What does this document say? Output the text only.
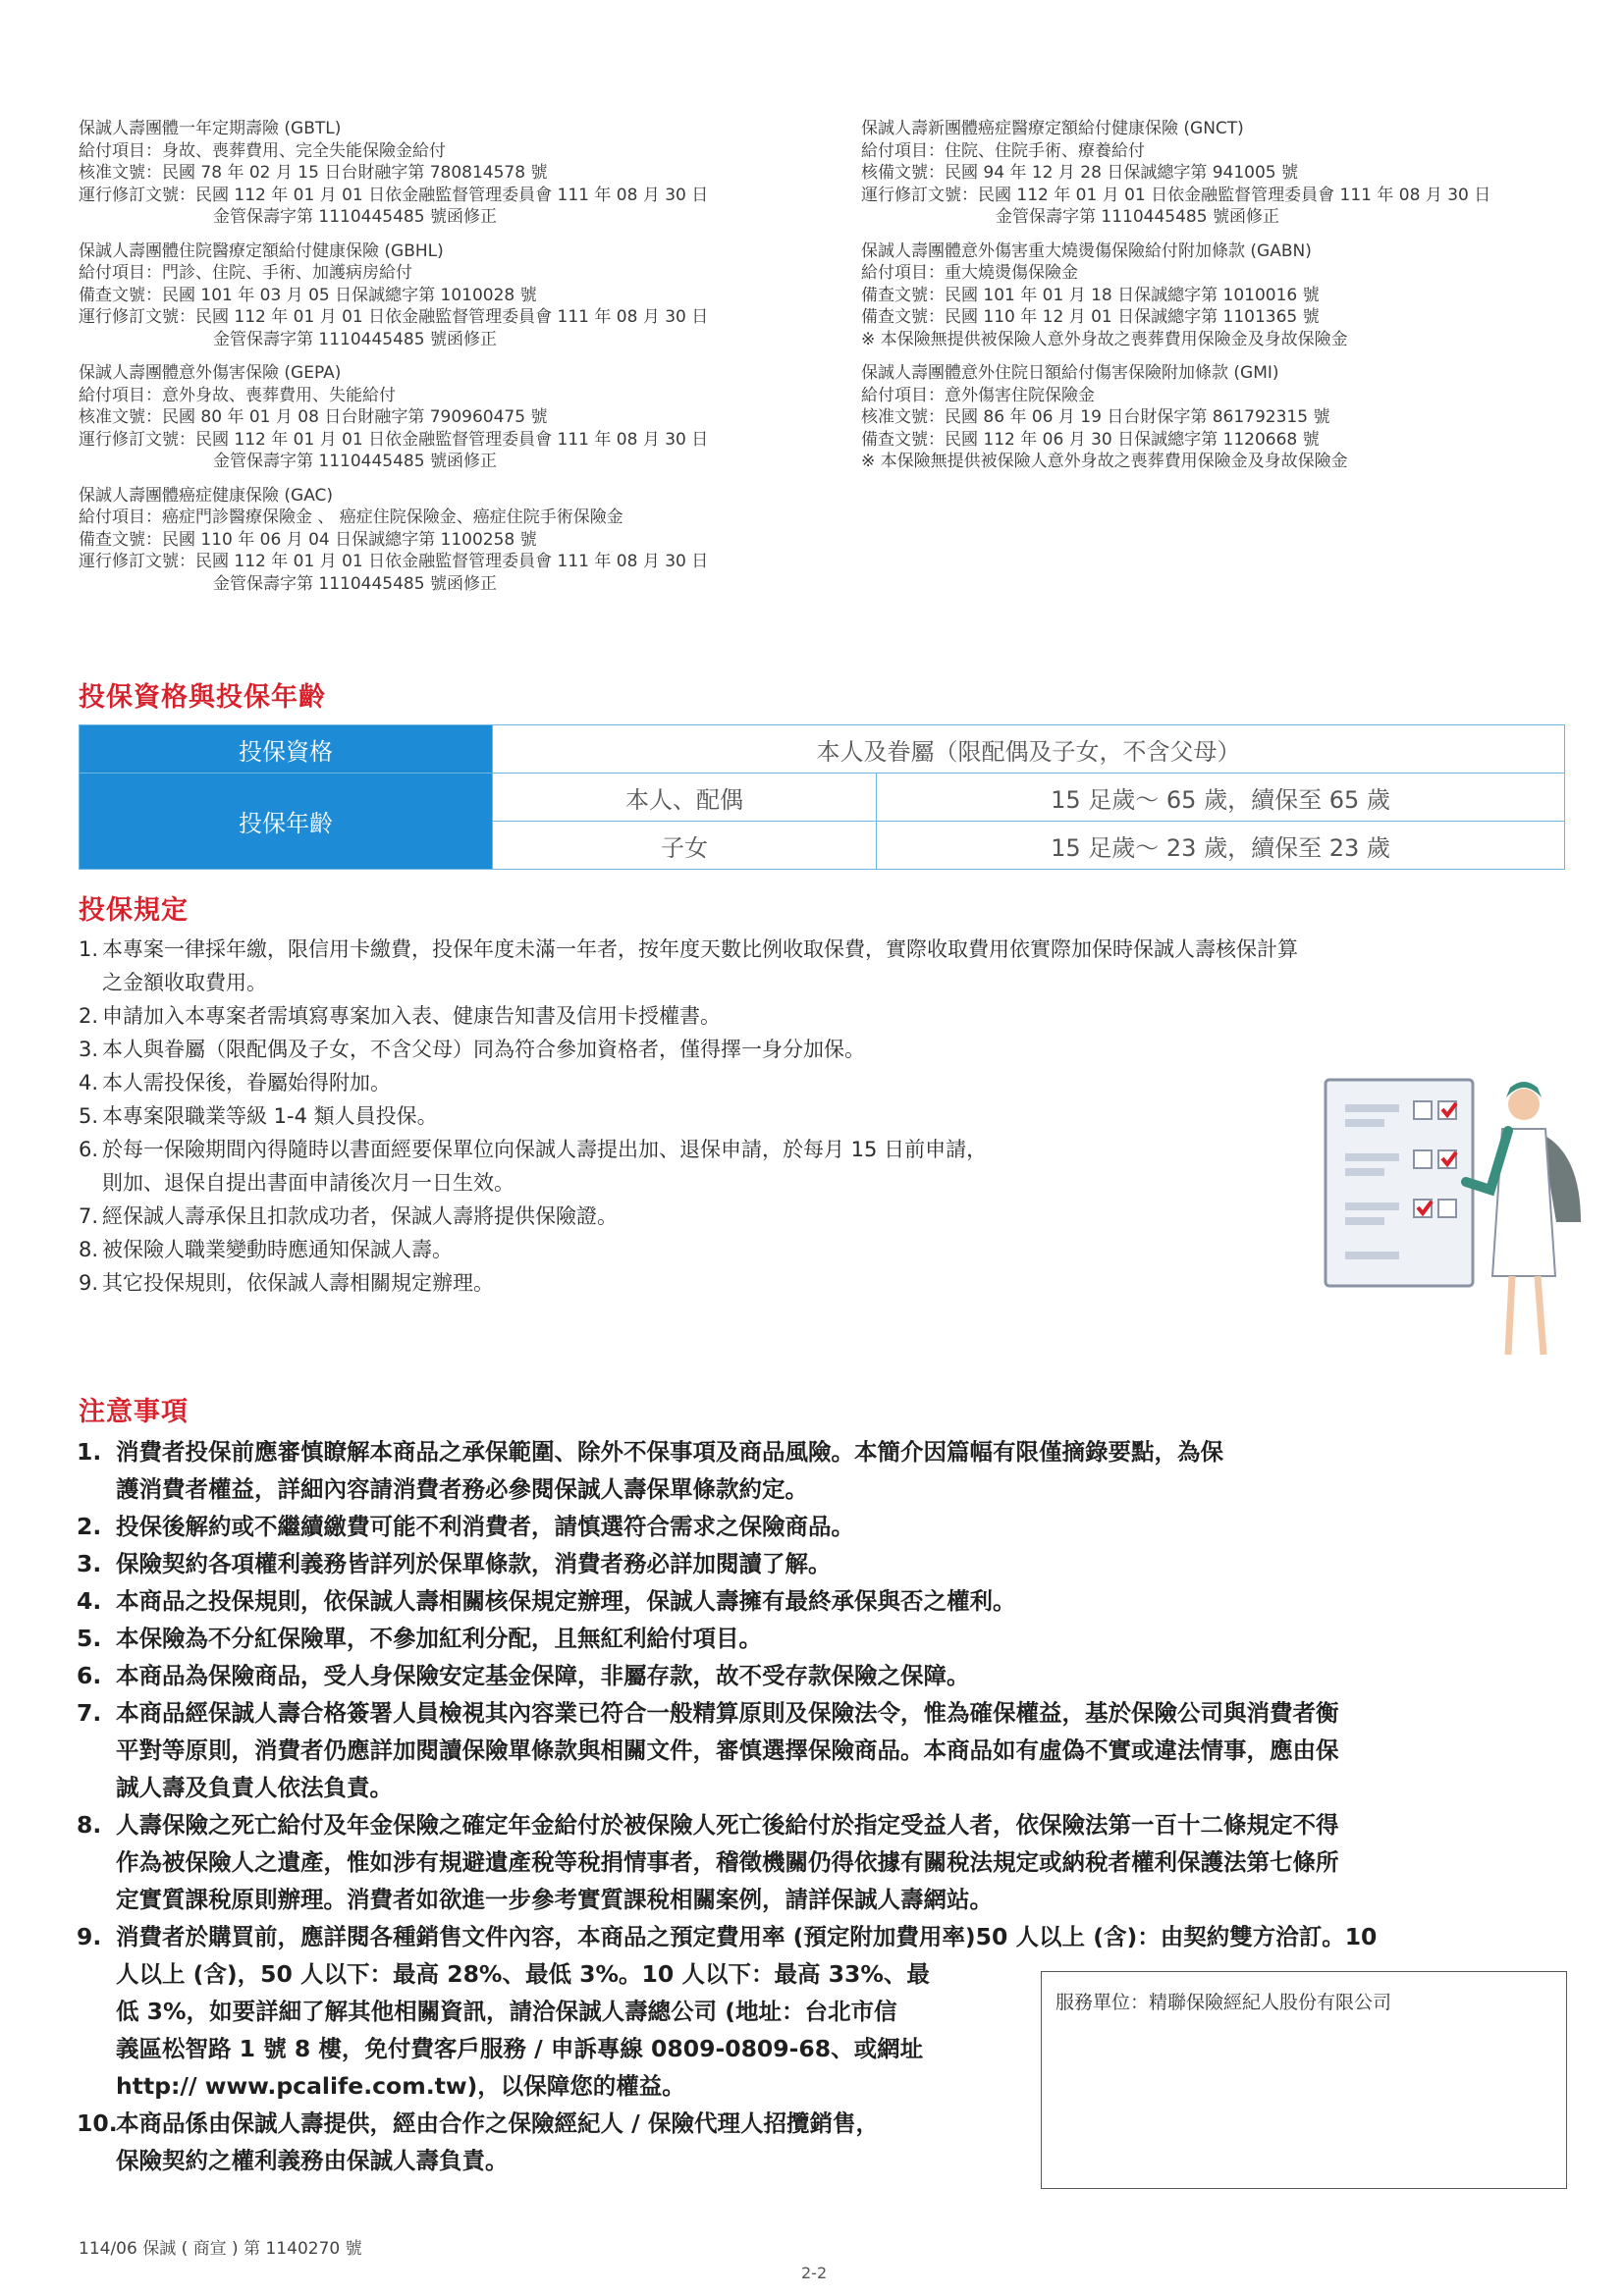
保誠人壽團體一年定期壽險 (GBTL)
給付項目：身故、喪葬費用、完全失能保險金給付
核准文號：民國 78 年 02 月 15 日台財融字第 780814578 號
運行修訂文號：民國 112 年 01 月 01 日依金融監督管理委員會 111 年 08 月 30 日
金管保壽字第 1110445485 號函修正
保誠人壽團體住院醫療定額給付健康保險 (GBHL)
給付項目：門診、住院、手術、加護病房給付
備查文號：民國 101 年 03 月 05 日保誠總字第 1010028 號
運行修訂文號：民國 112 年 01 月 01 日依金融監督管理委員會 111 年 08 月 30 日
金管保壽字第 1110445485 號函修正
保誠人壽團體意外傷害保險 (GEPA)
給付項目：意外身故、喪葬費用、失能給付
核准文號：民國 80 年 01 月 08 日台財融字第 790960475 號
運行修訂文號：民國 112 年 01 月 01 日依金融監督管理委員會 111 年 08 月 30 日
金管保壽字第 1110445485 號函修正
保誠人壽團體癌症健康保險 (GAC)
給付項目：癌症門診醫療保險金 、 癌症住院保險金、癌症住院手術保險金
備查文號：民國 110 年 06 月 04 日保誠總字第 1100258 號
運行修訂文號：民國 112 年 01 月 01 日依金融監督管理委員會 111 年 08 月 30 日
金管保壽字第 1110445485 號函修正
保誠人壽新團體癌症醫療定額給付健康保險 (GNCT)
給付項目：住院、住院手術、療養給付
核備文號：民國 94 年 12 月 28 日保誠總字第 941005 號
運行修訂文號：民國 112 年 01 月 01 日依金融監督管理委員會 111 年 08 月 30 日
金管保壽字第 1110445485 號函修正
保誠人壽團體意外傷害重大燒燙傷保險給付附加條款 (GABN)
給付項目：重大燒燙傷保險金
備查文號：民國 101 年 01 月 18 日保誠總字第 1010016 號
備查文號：民國 110 年 12 月 01 日保誠總字第 1101365 號
※ 本保險無提供被保險人意外身故之喪葬費用保險金及身故保險金
保誠人壽團體意外住院日額給付傷害保險附加條款 (GMI)
給付項目：意外傷害住院保險金
核准文號：民國 86 年 06 月 19 日台財保字第 861792315 號
備查文號：民國 112 年 06 月 30 日保誠總字第 1120668 號
※ 本保險無提供被保險人意外身故之喪葬費用保險金及身故保險金
投保資格與投保年齡
投保資格	本人及眷屬（限配偶及子女，不含父母）	
投保年齡	本人、配偶	15 足歲～ 65 歲，續保至 65 歲
	子女	15 足歲～ 23 歲，續保至 23 歲
投保規定
1. 本專案一律採年繳，限信用卡繳費，投保年度未滿一年者，按年度天數比例收取保費，實際收取費用依實際加保時保誠人壽核保計算
之金額收取費用。
2. 申請加入本專案者需填寫專案加入表、健康告知書及信用卡授權書。
3. 本人與眷屬（限配偶及子女，不含父母）同為符合參加資格者，僅得擇一身分加保。
4. 本人需投保後，眷屬始得附加。
5. 本專案限職業等級 1-4 類人員投保。
6. 於每一保險期間內得隨時以書面經要保單位向保誠人壽提出加、退保申請，於每月 15 日前申請，
則加、退保自提出書面申請後次月一日生效。
7. 經保誠人壽承保且扣款成功者，保誠人壽將提供保險證。
8. 被保險人職業變動時應通知保誠人壽。
9. 其它投保規則，依保誠人壽相關規定辦理。
注意事項
1. 消費者投保前應審慎瞭解本商品之承保範圍、除外不保事項及商品風險。本簡介因篇幅有限僅摘錄要點，為保
護消費者權益，詳細內容請消費者務必參閱保誠人壽保單條款約定。
2. 投保後解約或不繼續繳費可能不利消費者，請慎選符合需求之保險商品。
3. 保險契約各項權利義務皆詳列於保單條款，消費者務必詳加閱讀了解。
4. 本商品之投保規則，依保誠人壽相關核保規定辦理，保誠人壽擁有最終承保與否之權利。
5. 本保險為不分紅保險單，不參加紅利分配，且無紅利給付項目。
6. 本商品為保險商品，受人身保險安定基金保障，非屬存款，故不受存款保險之保障。
7. 本商品經保誠人壽合格簽署人員檢視其內容業已符合一般精算原則及保險法令，惟為確保權益，基於保險公司與消費者衡
平對等原則，消費者仍應詳加閱讀保險單條款與相關文件，審慎選擇保險商品。本商品如有虛偽不實或違法情事，應由保
誠人壽及負責人依法負責。
8. 人壽保險之死亡給付及年金保險之確定年金給付於被保險人死亡後給付於指定受益人者，依保險法第一百十二條規定不得
作為被保險人之遺產，惟如涉有規避遺產稅等稅捐情事者，稽徵機關仍得依據有關稅法規定或納稅者權利保護法第七條所
定實質課稅原則辦理。消費者如欲進一步參考實質課稅相關案例，請詳保誠人壽網站。
9. 消費者於購買前，應詳閱各種銷售文件內容，本商品之預定費用率 (預定附加費用率)50 人以上 (含)：由契約雙方洽訂。10
人以上 (含)，50 人以下：最高 28%、最低 3%。10 人以下：最高 33%、最
低 3%，如要詳細了解其他相關資訊，請洽保誠人壽總公司 (地址：台北市信
義區松智路 1 號 8 樓，免付費客戶服務 / 申訴專線 0809-0809-68、或網址
http:// www.pcalife.com.tw)，以保障您的權益。
10.
本商品係由保誠人壽提供，經由合作之保險經紀人 / 保險代理人招攬銷售，
保險契約之權利義務由保誠人壽負責。
服務單位：精聯保險經紀人股份有限公司
114/06 保誠 ( 商宣 ) 第 1140270 號
2-2
